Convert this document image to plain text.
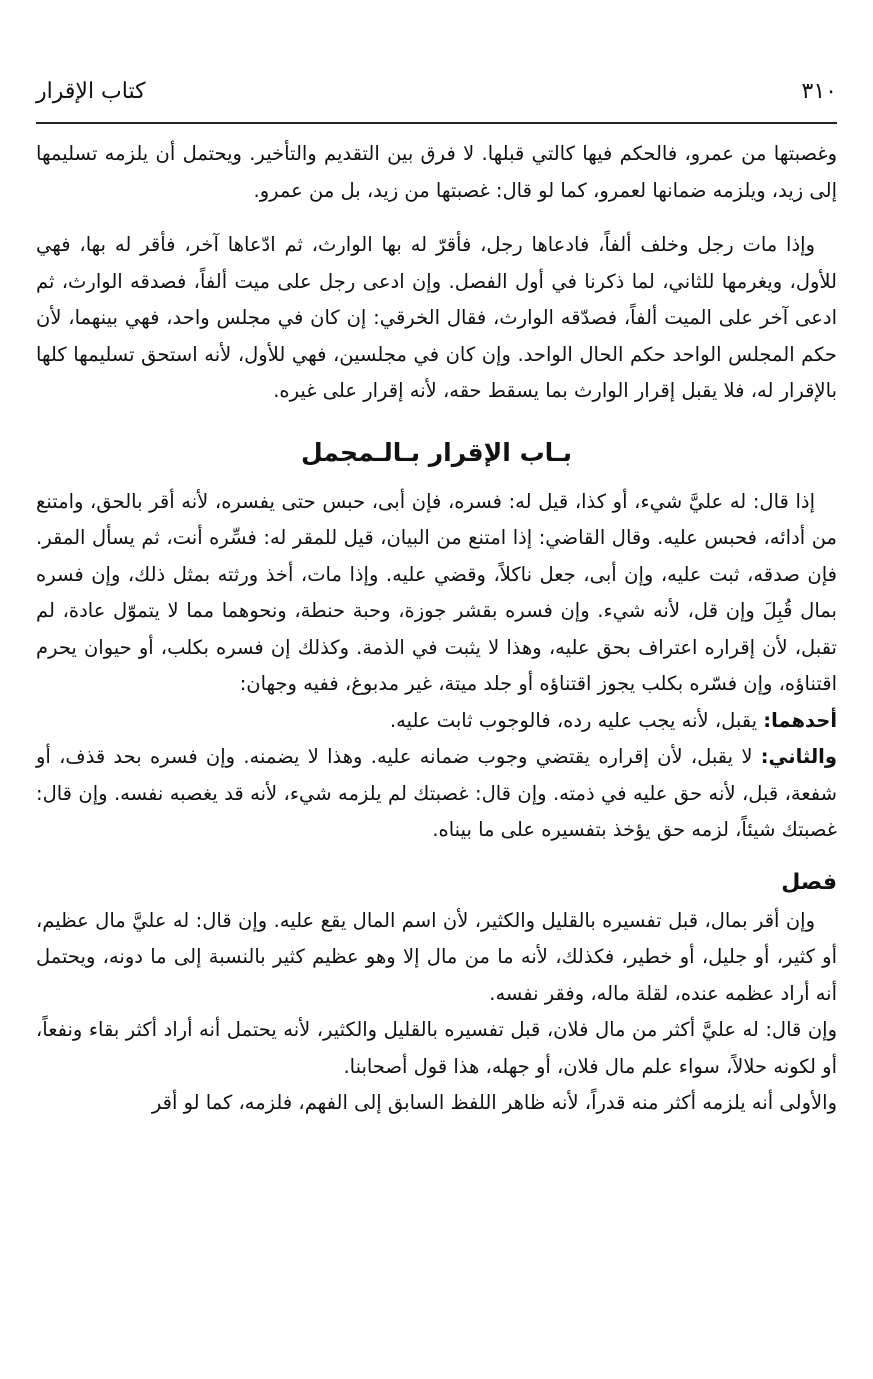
٣١٠
كتاب الإقرار

وغصبتها من عمرو، فالحكم فيها كالتي قبلها. لا فرق بين التقديم والتأخير. ويحتمل أن يلزمه تسليمها إلى زيد، ويلزمه ضمانها لعمرو، كما لو قال: غصبتها من زيد، بل من عمرو.

وإذا مات رجل وخلف ألفاً، فادعاها رجل، فأقرّ له بها الوارث، ثم ادّعاها آخر، فأقر له بها، فهي للأول، ويغرمها للثاني، لما ذكرنا في أول الفصل. وإن ادعى رجل على ميت ألفاً، فصدقه الوارث، ثم ادعى آخر على الميت ألفاً، فصدّقه الوارث، فقال الخرقي: إن كان في مجلس واحد، فهي بينهما، لأن حكم المجلس الواحد حكم الحال الواحد. وإن كان في مجلسين، فهي للأول، لأنه استحق تسليمها كلها بالإقرار له، فلا يقبل إقرار الوارث بما يسقط حقه، لأنه إقرار على غيره.

بـاب الإقرار بـالـمجمل

إذا قال: له عليَّ شيء، أو كذا، قيل له: فسره، فإن أبى، حبس حتى يفسره، لأنه أقر بالحق، وامتنع من أدائه، فحبس عليه. وقال القاضي: إذا امتنع من البيان، قيل للمقر له: فسِّره أنت، ثم يسأل المقر. فإن صدقه، ثبت عليه، وإن أبى، جعل ناكلاً، وقضي عليه. وإذا مات، أخذ ورثته بمثل ذلك، وإن فسره بمال قُبِلَ وإن قل، لأنه شيء. وإن فسره بقشر جوزة، وحبة حنطة، ونحوهما مما لا يتموّل عادة، لم تقبل، لأن إقراره اعتراف بحق عليه، وهذا لا يثبت في الذمة. وكذلك إن فسره بكلب، أو حيوان يحرم اقتناؤه، وإن فسّره بكلب يجوز اقتناؤه أو جلد ميتة، غير مدبوغ، ففيه وجهان:

أحدهما: يقبل، لأنه يجب عليه رده، فالوجوب ثابت عليه.

والثاني: لا يقبل، لأن إقراره يقتضي وجوب ضمانه عليه. وهذا لا يضمنه. وإن فسره بحد قذف، أو شفعة، قبل، لأنه حق عليه في ذمته. وإن قال: غصبتك لم يلزمه شيء، لأنه قد يغصبه نفسه. وإن قال: غصبتك شيئاً، لزمه حق يؤخذ بتفسيره على ما بيناه.

فصل

وإن أقر بمال، قبل تفسيره بالقليل والكثير، لأن اسم المال يقع عليه. وإن قال: له عليَّ مال عظيم، أو كثير، أو جليل، أو خطير، فكذلك، لأنه ما من مال إلا وهو عظيم كثير بالنسبة إلى ما دونه، ويحتمل أنه أراد عظمه عنده، لقلة ماله، وفقر نفسه.

وإن قال: له عليَّ أكثر من مال فلان، قبل تفسيره بالقليل والكثير، لأنه يحتمل أنه أراد أكثر بقاء ونفعاً، أو لكونه حلالاً، سواء علم مال فلان، أو جهله، هذا قول أصحابنا.

والأولى أنه يلزمه أكثر منه قدراً، لأنه ظاهر اللفظ السابق إلى الفهم، فلزمه، كما لو أقر
